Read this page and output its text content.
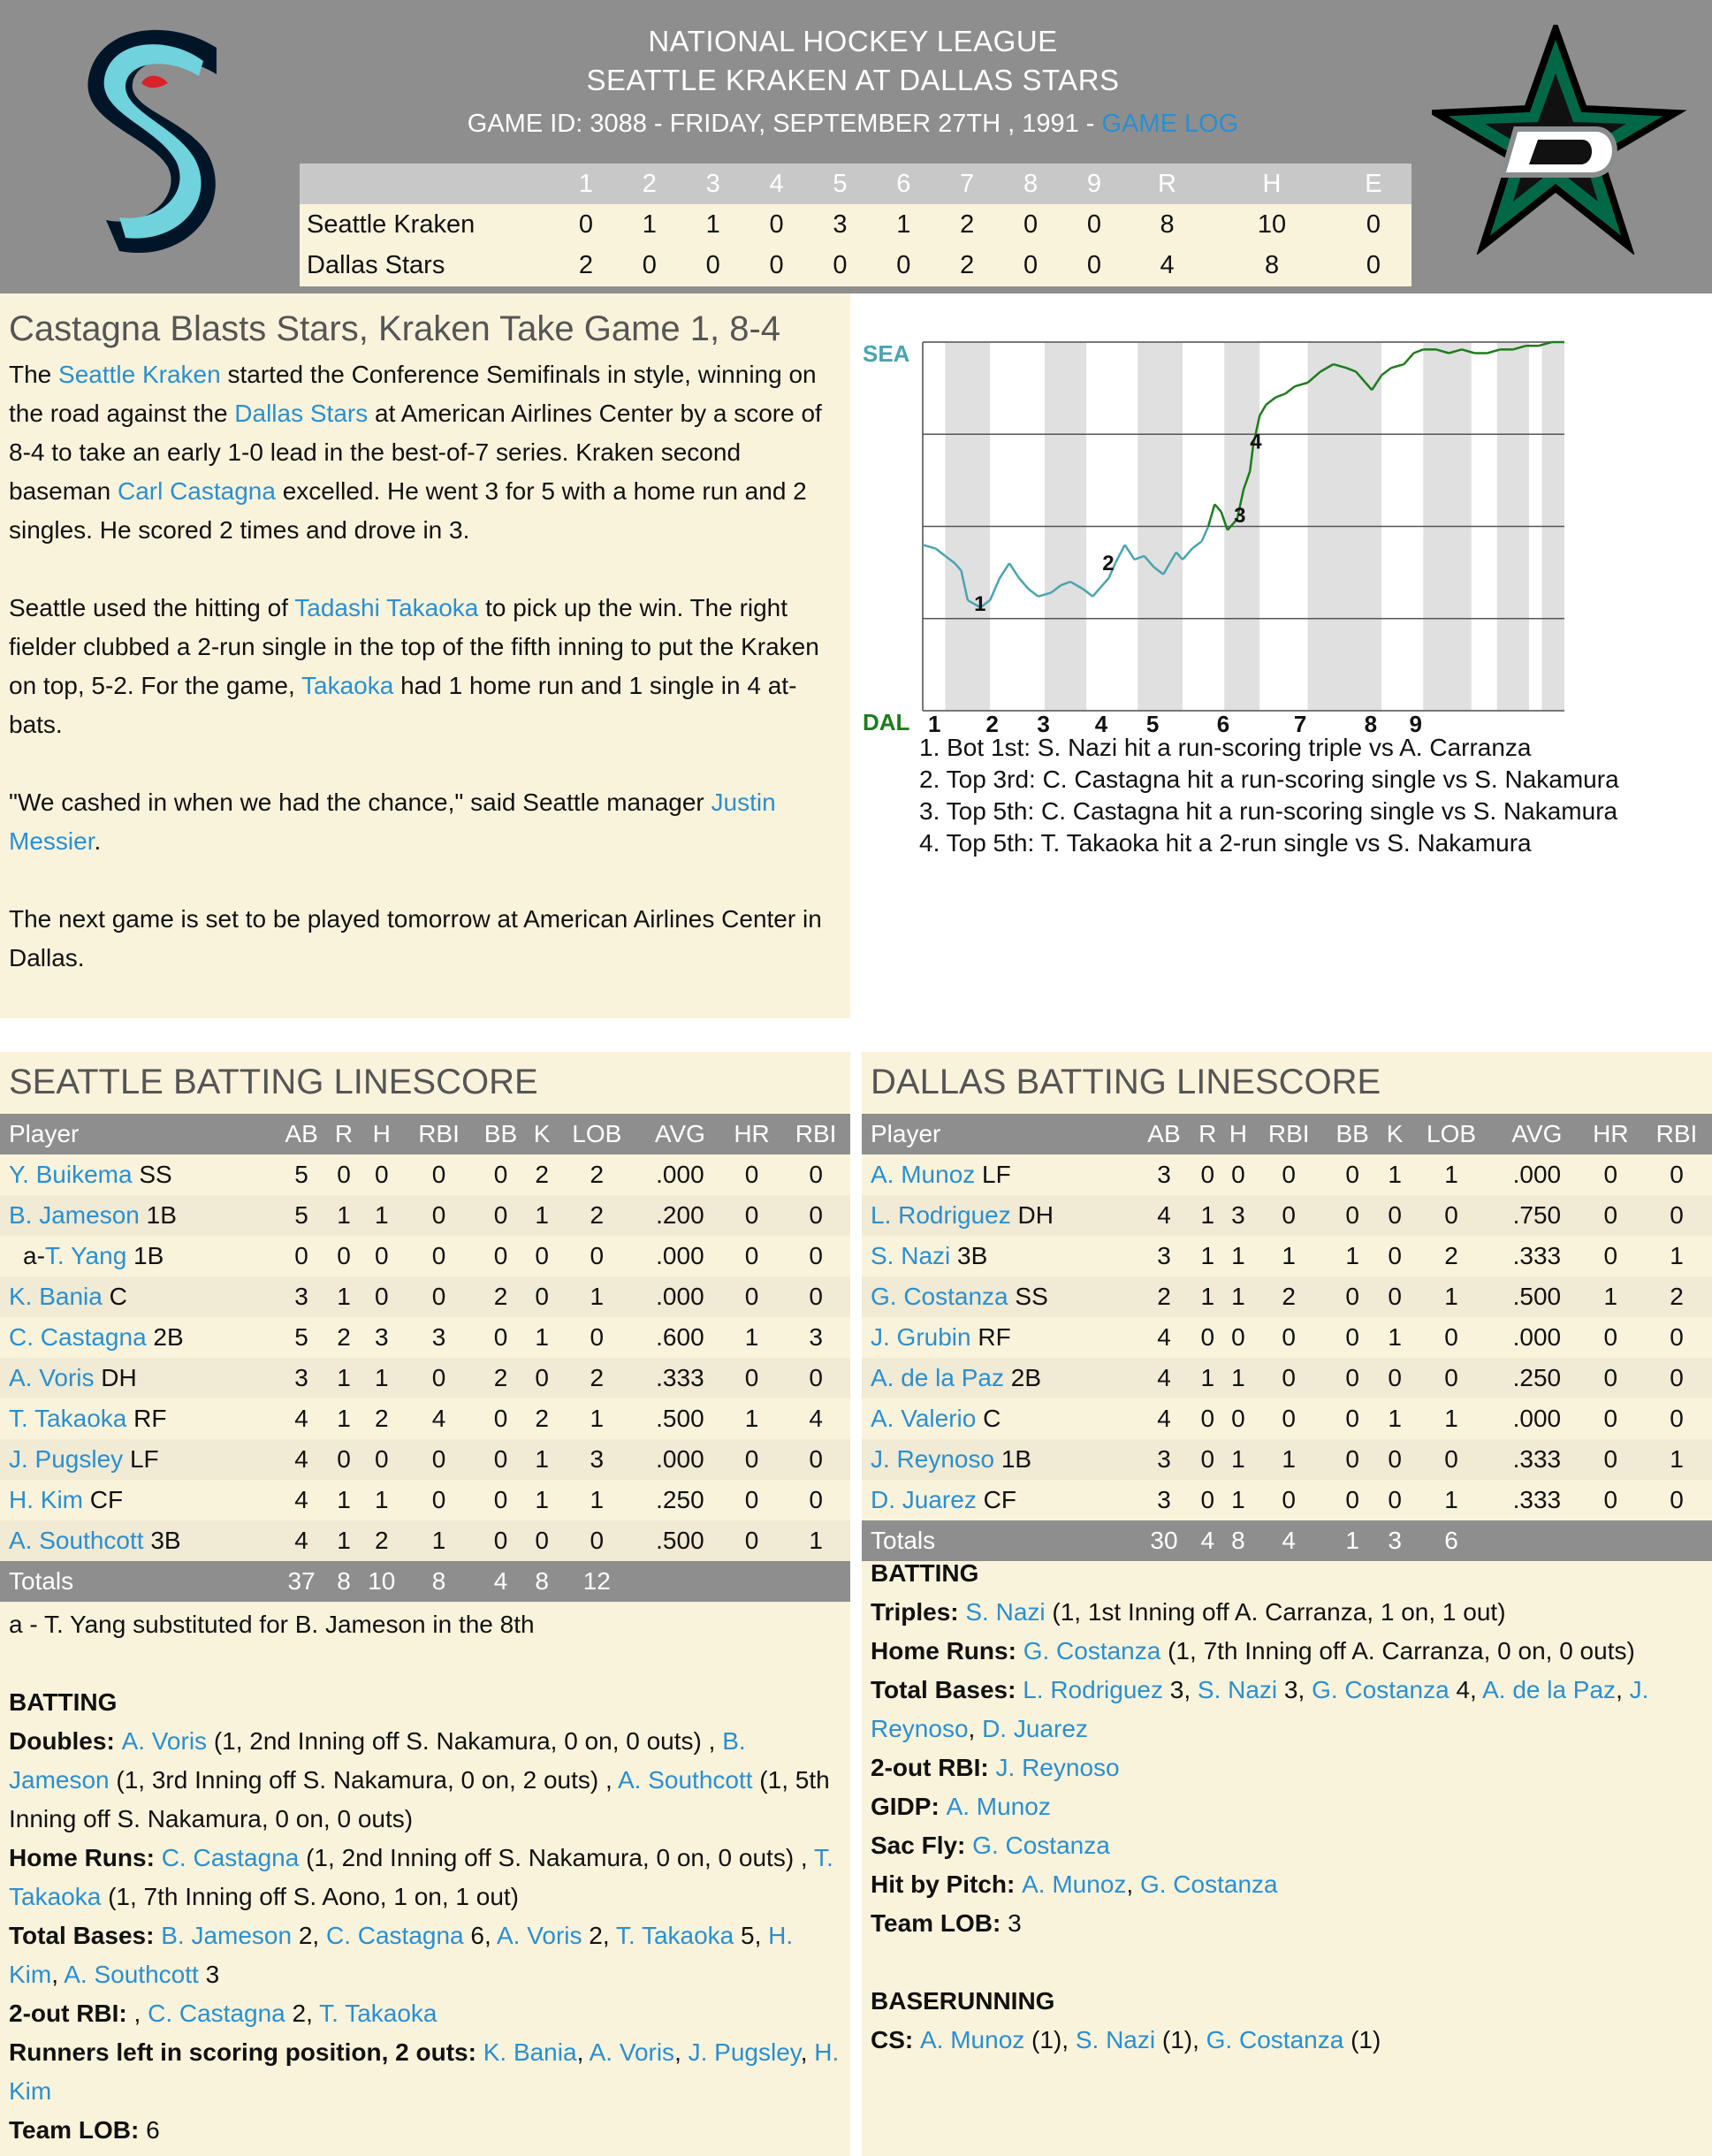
NATIONAL HOCKEY LEAGUE
SEATTLE KRAKEN AT DALLAS STARS
GAME ID: 3088 - FRIDAY, SEPTEMBER 27TH , 1991 - GAME LOG
	1	2	3	4	5	6	7	8	9	R	H	E
Seattle Kraken	0	1	1	0	3	1	2	0	0	8	10	0
Dallas Stars	2	0	0	0	0	0	2	0	0	4	8	0
Castagna Blasts Stars, Kraken Take Game 1, 8-4

The Seattle Kraken started the Conference Semifinals in style, winning on the road against the Dallas Stars at American Airlines Center by a score of 8-4 to take an early 1-0 lead in the best-of-7 series. Kraken second baseman Carl Castagna excelled. He went 3 for 5 with a home run and 2 singles. He scored 2 times and drove in 3.

Seattle used the hitting of Tadashi Takaoka to pick up the win. The right fielder clubbed a 2-run single in the top of the fifth inning to put the Kraken on top, 5-2. For the game, Takaoka had 1 home run and 1 single in 4 at-bats.

"We cashed in when we had the chance," said Seattle manager Justin Messier.

The next game is set to be played tomorrow at American Airlines Center in Dallas.

SEA
DAL 1 2 3 4 5	6	7	8 9
1
2
3
4
1. Bot 1st: S. Nazi hit a run-scoring triple vs A. Carranza
2. Top 3rd: C. Castagna hit a run-scoring single vs S. Nakamura
3. Top 5th: C. Castagna hit a run-scoring single vs S. Nakamura
4. Top 5th: T. Takaoka hit a 2-run single vs S. Nakamura
SEATTLE BATTING LINESCORE
Player	AB	R	H	RBI	BB	K	LOB	AVG	HR	RBI
Y. Buikema SS	5	0	0	0	0	2	2	.000	0	0
B. Jameson 1B	5	1	1	0	0	1	2	.200	0	0
a-T. Yang 1B	0	0	0	0	0	0	0	.000	0	0
K. Bania C	3	1	0	0	2	0	1	.000	0	0
C. Castagna 2B	5	2	3	3	0	1	0	.600	1	3
A. Voris DH	3	1	1	0	2	0	2	.333	0	0
T. Takaoka RF	4	1	2	4	0	2	1	.500	1	4
J. Pugsley LF	4	0	0	0	0	1	3	.000	0	0
H. Kim CF	4	1	1	0	0	1	1	.250	0	0
A. Southcott 3B	4	1	2	1	0	0	0	.500	0	1
Totals	37	8	10	8	4	8	12			

a - T. Yang substituted for B. Jameson in the 8th

BATTING

Doubles: A. Voris (1, 2nd Inning off S. Nakamura, 0 on, 0 outs) , B. Jameson (1, 3rd Inning off S. Nakamura, 0 on, 2 outs) , A. Southcott (1, 5th Inning off S. Nakamura, 0 on, 0 outs)

Home Runs: C. Castagna (1, 2nd Inning off S. Nakamura, 0 on, 0 outs) , T. Takaoka (1, 7th Inning off S. Aono, 1 on, 1 out)

Total Bases: B. Jameson 2, C. Castagna 6, A. Voris 2, T. Takaoka 5, H. Kim, A. Southcott 3

2-out RBI: , C. Castagna 2, T. Takaoka

Runners left in scoring position, 2 outs: K. Bania, A. Voris, J. Pugsley, H. Kim

Team LOB: 6

DALLAS BATTING LINESCORE
Player	AB	R	H	RBI	BB	K	LOB	AVG	HR	RBI
A. Munoz LF	3	0	0	0	0	1	1	.000	0	0
L. Rodriguez DH	4	1	3	0	0	0	0	.750	0	0
S. Nazi 3B	3	1	1	1	1	0	2	.333	0	1
G. Costanza SS	2	1	1	2	0	0	1	.500	1	2
J. Grubin RF	4	0	0	0	0	1	0	.000	0	0
A. de la Paz 2B	4	1	1	0	0	0	0	.250	0	0
A. Valerio C	4	0	0	0	0	1	1	.000	0	0
J. Reynoso 1B	3	0	1	1	0	0	0	.333	0	1
D. Juarez CF	3	0	1	0	0	0	1	.333	0	0
Totals	30	4	8	4	1	3	6			

BATTING

Triples: S. Nazi (1, 1st Inning off A. Carranza, 1 on, 1 out)

Home Runs: G. Costanza (1, 7th Inning off A. Carranza, 0 on, 0 outs)

Total Bases: L. Rodriguez 3, S. Nazi 3, G. Costanza 4, A. de la Paz, J. Reynoso, D. Juarez

2-out RBI: J. Reynoso

GIDP: A. Munoz

Sac Fly: G. Costanza

Hit by Pitch: A. Munoz, G. Costanza

Team LOB: 3

BASERUNNING

CS: A. Munoz (1), S. Nazi (1), G. Costanza (1)
